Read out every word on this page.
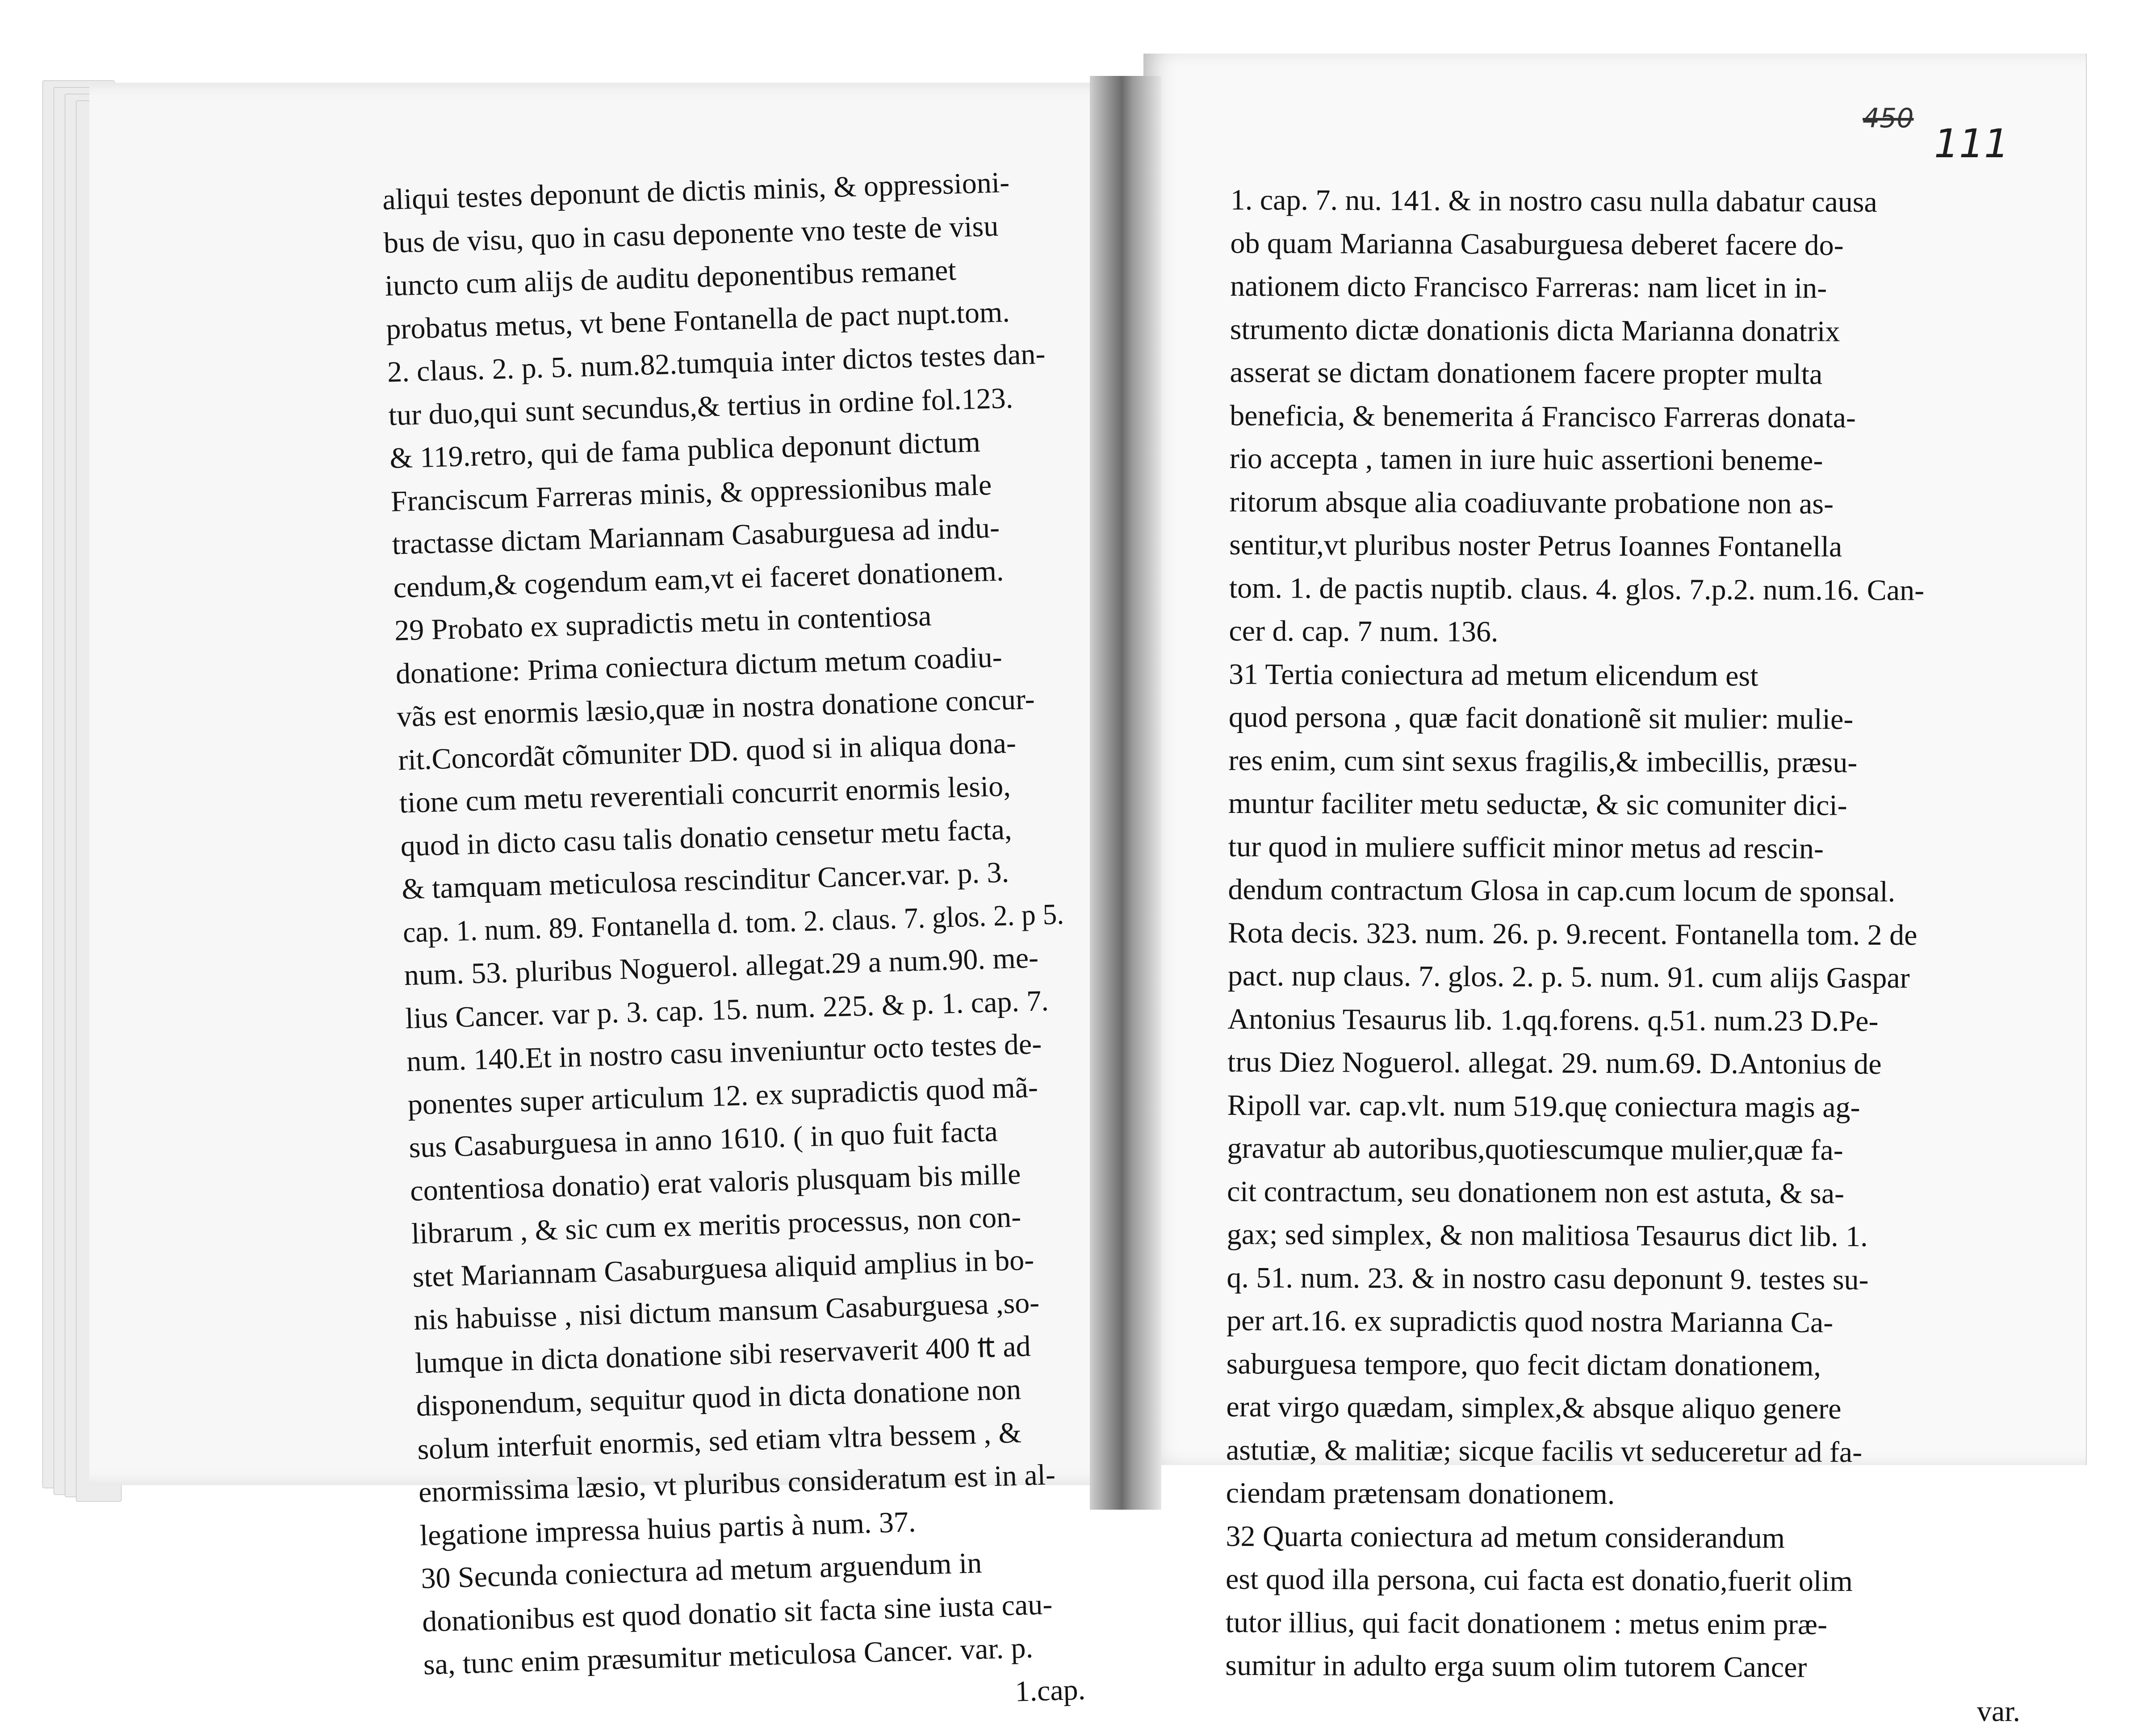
450
111
aliqui testes deponunt de dictis minis, & oppressioni-
bus de visu, quo in casu deponente vno teste de visu
iuncto cum alijs de auditu deponentibus remanet
probatus metus, vt bene Fontanella de pact nupt.tom.
2. claus. 2. p. 5. num.82.tumquia inter dictos testes dan-
tur duo,qui sunt secundus,& tertius in ordine fol.123.
& 119.retro, qui de fama publica deponunt dictum
Franciscum Farreras minis, & oppressionibus male
tractasse dictam Mariannam Casaburguesa ad indu-
cendum,& cogendum eam,vt ei faceret donationem.
29 Probato ex supradictis metu in contentiosa
donatione: Prima coniectura dictum metum coadiu-
vãs est enormis læsio,quæ in nostra donatione concur-
rit.Concordãt cõmuniter DD. quod si in aliqua dona-
tione cum metu reverentiali concurrit enormis lesio,
quod in dicto casu talis donatio censetur metu facta,
& tamquam meticulosa rescinditur Cancer.var. p. 3.
cap. 1. num. 89. Fontanella d. tom. 2. claus. 7. glos. 2. p 5.
num. 53. pluribus Noguerol. allegat.29 a num.90. me-
lius Cancer. var p. 3. cap. 15. num. 225. & p. 1. cap. 7.
num. 140.Et in nostro casu inveniuntur octo testes de-
ponentes super articulum 12. ex supradictis quod mã-
sus Casaburguesa in anno 1610. ( in quo fuit facta
contentiosa donatio) erat valoris plusquam bis mille
librarum , & sic cum ex meritis processus, non con-
stet Mariannam Casaburguesa aliquid amplius in bo-
nis habuisse , nisi dictum mansum Casaburguesa ,so-
lumque in dicta donatione sibi reservaverit 400 ₶ ad
disponendum, sequitur quod in dicta donatione non
solum interfuit enormis, sed etiam vltra bessem , &
enormissima læsio, vt pluribus consideratum est in al-
legatione impressa huius partis à num. 37.
30 Secunda coniectura ad metum arguendum in
donationibus est quod donatio sit facta sine iusta cau-
sa, tunc enim præsumitur meticulosa Cancer. var. p.
1.cap.
1. cap. 7. nu. 141. & in nostro casu nulla dabatur causa
ob quam Marianna Casaburguesa deberet facere do-
nationem dicto Francisco Farreras: nam licet in in-
strumento dictæ donationis dicta Marianna donatrix
asserat se dictam donationem facere propter multa
beneficia, & benemerita á Francisco Farreras donata-
rio accepta , tamen in iure huic assertioni beneme-
ritorum absque alia coadiuvante probatione non as-
sentitur,vt pluribus noster Petrus Ioannes Fontanella
tom. 1. de pactis nuptib. claus. 4. glos. 7.p.2. num.16. Can-
cer d. cap. 7 num. 136.
31 Tertia coniectura ad metum elicendum est
quod persona , quæ facit donationẽ sit mulier: mulie-
res enim, cum sint sexus fragilis,& imbecillis, præsu-
muntur faciliter metu seductæ, & sic comuniter dici-
tur quod in muliere sufficit minor metus ad rescin-
dendum contractum Glosa in cap.cum locum de sponsal.
Rota decis. 323. num. 26. p. 9.recent. Fontanella tom. 2 de
pact. nup claus. 7. glos. 2. p. 5. num. 91. cum alijs Gaspar
Antonius Tesaurus lib. 1.qq.forens. q.51. num.23 D.Pe-
trus Diez Noguerol. allegat. 29. num.69. D.Antonius de
Ripoll var. cap.vlt. num 519.quę coniectura magis ag-
gravatur ab autoribus,quotiescumque mulier,quæ fa-
cit contractum, seu donationem non est astuta, & sa-
gax; sed simplex, & non malitiosa Tesaurus dict lib. 1.
q. 51. num. 23. & in nostro casu deponunt 9. testes su-
per art.16. ex supradictis quod nostra Marianna Ca-
saburguesa tempore, quo fecit dictam donationem,
erat virgo quædam, simplex,& absque aliquo genere
astutiæ, & malitiæ; sicque facilis vt seduceretur ad fa-
ciendam prætensam donationem.
32 Quarta coniectura ad metum considerandum
est quod illa persona, cui facta est donatio,fuerit olim
tutor illius, qui facit donationem : metus enim præ-
sumitur in adulto erga suum olim tutorem Cancer
var.
